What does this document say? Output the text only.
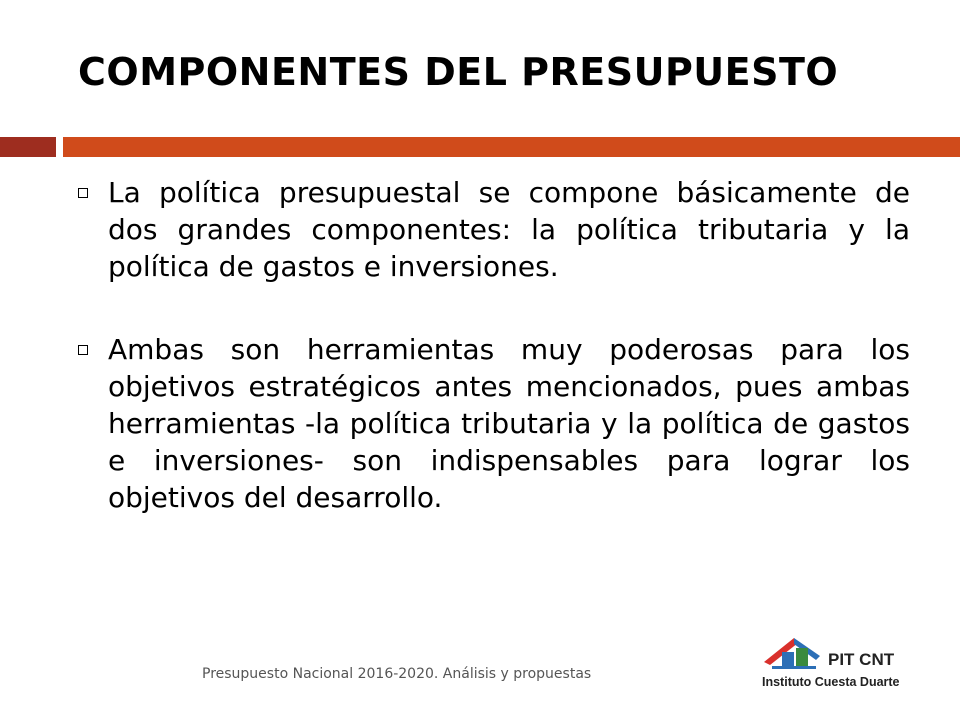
COMPONENTES DEL PRESUPUESTO
La política presupuestal se compone básicamente de dos grandes componentes: la política tributaria y la política de gastos e inversiones.
Ambas son herramientas muy poderosas para los objetivos estratégicos antes mencionados, pues ambas herramientas -la política tributaria y la política de gastos e inversiones- son indispensables para lograr los objetivos del desarrollo.
Presupuesto Nacional 2016-2020. Análisis y propuestas
PIT CNT
Instituto Cuesta Duarte
